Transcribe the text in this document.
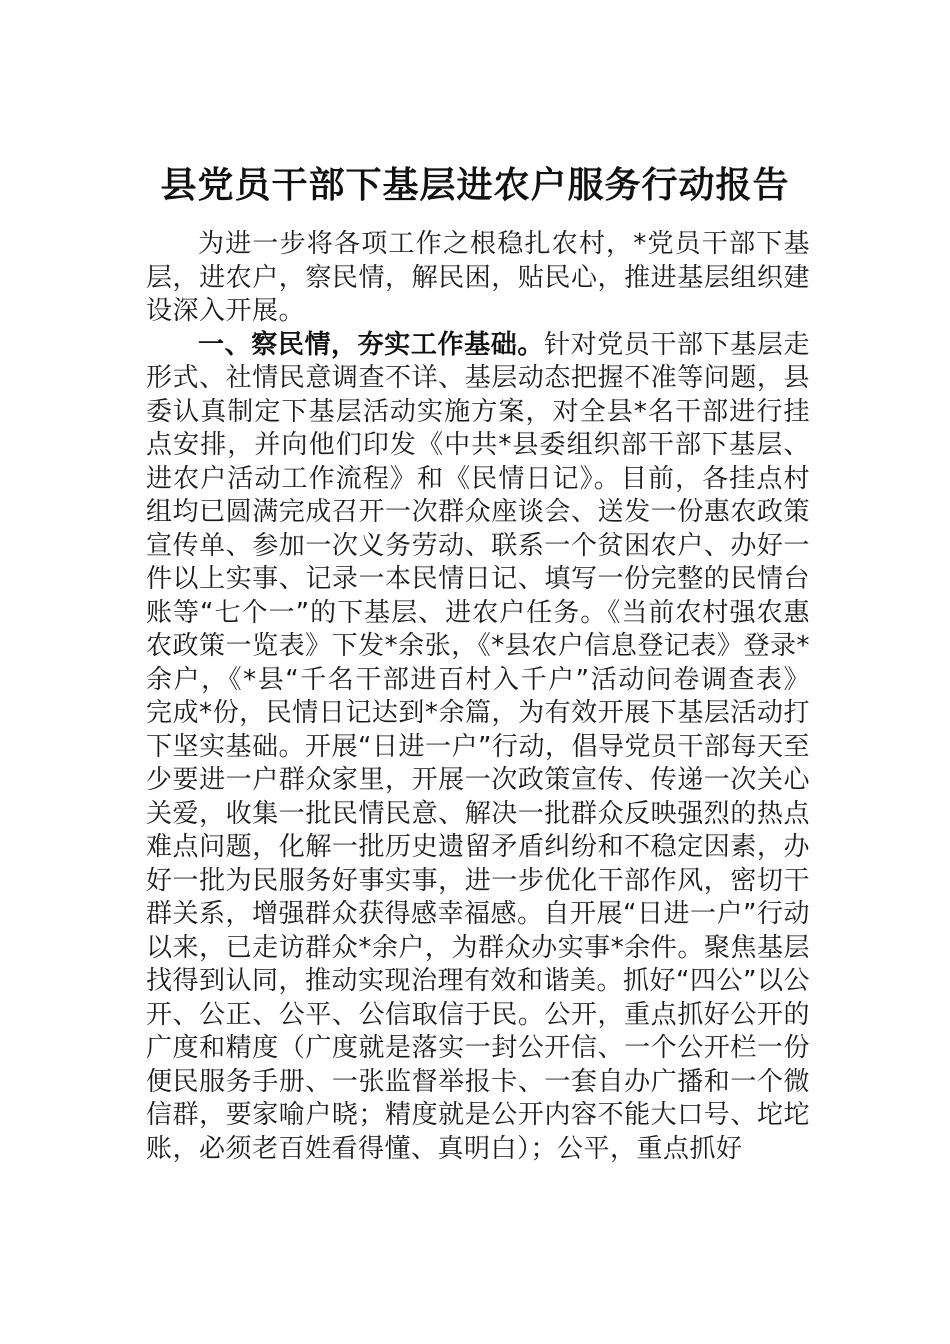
县党员干部下基层进农户服务行动报告

为进一步将各项工作之根稳扎农村，*党员干部下基层，进农户，察民情，解民困，贴民心，推进基层组织建设深入开展。

一、察民情，夯实工作基础。针对党员干部下基层走形式、社情民意调查不详、基层动态把握不准等问题，县委认真制定下基层活动实施方案，对全县*名干部进行挂点安排，并向他们印发《中共*县委组织部干部下基层、进农户活动工作流程》和《民情日记》。目前，各挂点村组均已圆满完成召开一次群众座谈会、送发一份惠农政策宣传单、参加一次义务劳动、联系一个贫困农户、办好一件以上实事、记录一本民情日记、填写一份完整的民情台账等“七个一”的下基层、进农户任务。《当前农村强农惠农政策一览表》下发*余张，《*县农户信息登记表》登录*余户，《*县“千名干部进百村入千户”活动问卷调查表》完成*份，民情日记达到*余篇，为有效开展下基层活动打下坚实基础。开展“日进一户”行动，倡导党员干部每天至少要进一户群众家里，开展一次政策宣传、传递一次关心关爱，收集一批民情民意、解决一批群众反映强烈的热点难点问题，化解一批历史遗留矛盾纠纷和不稳定因素，办好一批为民服务好事实事，进一步优化干部作风，密切干群关系，增强群众获得感幸福感。自开展“日进一户”行动以来，已走访群众*余户，为群众办实事*余件。聚焦基层找得到认同，推动实现治理有效和谐美。抓好“四公”以公开、公正、公平、公信取信于民。公开，重点抓好公开的广度和精度（广度就是落实一封公开信、一个公开栏一份便民服务手册、一张监督举报卡、一套自办广播和一个微信群，要家喻户晓；精度就是公开内容不能大口号、坨坨账，必须老百姓看得懂、真明白）；公平，重点抓好
